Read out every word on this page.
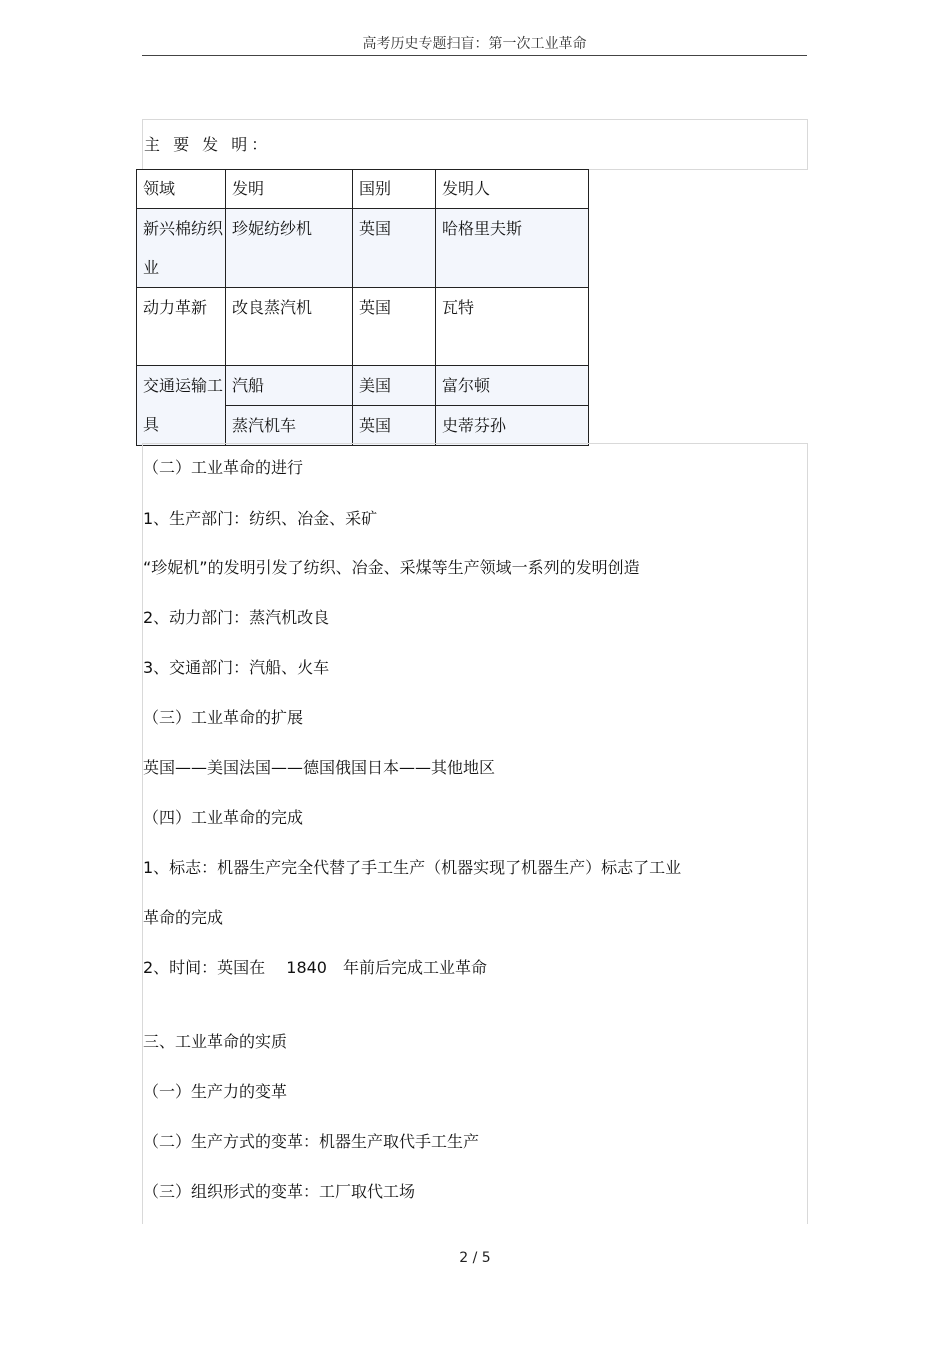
高考历史专题扫盲：第一次工业革命
主 要 发 明：
领域	发明	国别	发明人
新兴棉纺织业	珍妮纺纱机	英国	哈格里夫斯
动力革新	改良蒸汽机	英国	瓦特
交通运输工具	汽船	美国	富尔顿
	蒸汽机车	英国	史蒂芬孙
（二）工业革命的进行
1、生产部门：纺织、冶金、采矿
“珍妮机”的发明引发了纺织、冶金、采煤等生产领域一系列的发明创造
2、动力部门：蒸汽机改良
3、交通部门：汽船、火车
（三）工业革命的扩展
英国——美国法国——德国俄国日本——其他地区
（四）工业革命的完成
1、标志：机器生产完全代替了手工生产（机器实现了机器生产）标志了工业
革命的完成
2、时间：英国在　 1840　年前后完成工业革命
三、工业革命的实质
（一）生产力的变革
（二）生产方式的变革：机器生产取代手工生产
（三）组织形式的变革：工厂取代工场
2 / 5
